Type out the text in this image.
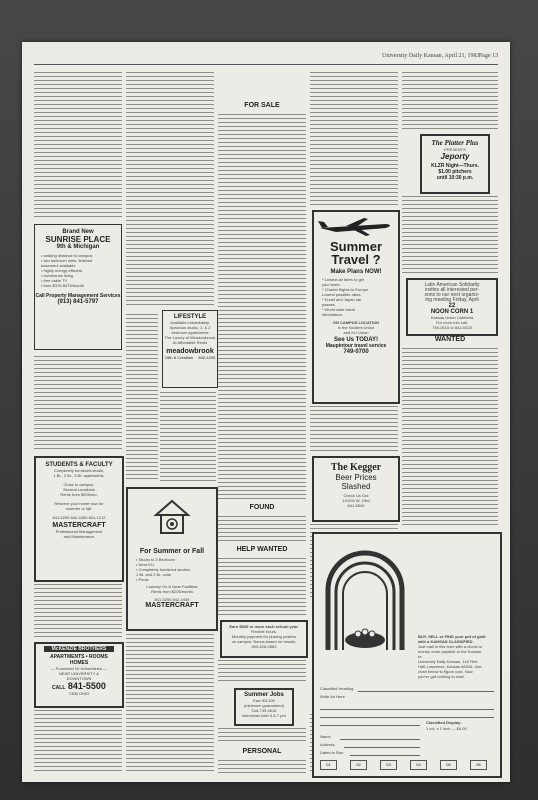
University Daily Kansan, April 21, 1983 Page 13
Brand New
SUNRISE PLACE
9th & Michigan
• walking distance to campus
• two bedroom units, finished
basement available
• highly energy efficient
• townhouse living
• free cable TV
• from $375-$475/month
Call Property Management Services
(913) 841-5797
STUDENTS & FACULTY
Completely furnished studio,
1 Br., 2 Br., 3 Br. apartments.
Close to campus.
Several Locations
Rents from $205/mo.
Reserve your home now for
summer or fall.
841-5255 842-4455 841-1212
MASTERCRAFT
Professional Management
and Maintenance
McKENZIE BROTHERS
APARTMENTS • ROOMS
HOMES
— Furnished Or Unfurnished —
NEAR UNIVERSITY &
DOWNTOWN
CALL 841-5500
1305 OHIO
LIFESTYLE
Available immediately,
Spacious studio, 1, & 2
bedroom apartments
The Luxury of Meadowbrook
At Affordable Rents
meadowbrook
15th & Crestline 842-4200
For Summer or Fall
• Studio to 3 Bedroom
• Near KU
• Completely furnished studios
1 Br. and 2 Br. units
• Pools
Laundry On & Near Facilities
Rents from $205/month
841-5255 842-4455
MASTERCRAFT
FOR SALE
FOUND
HELP WANTED
Earn $500 or more each school year.
Flexible hours.
Monthly payment for placing posters
on campus. Bonus based on results.
800-526-0883
Summer Jobs
Earn $3,300
(minimum guaranteed)
Call 749-4616
interviews held 3 & 7 pm
PERSONAL
Summer
Travel ?
Make Plans NOW!
* Lowest air fares to get
you home.
* Charter flights to Europe.
Lowest possible rates.
* Eurail and Japan rail
passes.
* World wide travel
information.
ON CAMPUS LOCATION
in the Student Union
and KU Union
See Us TODAY!
Maupintour travel service
749-0700
The Kegger
Beer Prices
Slashed
Check Us Out
1910½ W. 23rd
841-5540
The Platter Plus
PRESENTS
Jeporty
KLZR Night—Thurs.
$1.00 pitchers
until 10:30 p.m.
Latin American Solidarity
invites all interested per-
sons to our next organiz-
ing meeting Friday, April
22
NOON CORN 1
Kansas Union Cafeteria
For more info call:
749-2615 or 842-6425
WANTED
BUY, SELL or FIND your pot of gold
with a KANSAN CLASSIFIED.
Just mail in this form with a check or
money order payable to the Kansan
to:
University Daily Kansan, 118 Flint
Hall, Lawrence, Kansas 66045. Use
chart below to figure cost. Now
you've got nothing to lose!
Classified Heading
Write Ad Here
Classified Display:
1 col. x 1 inch — $4.00
Name
Address
Dates to Run
01	02	03	04	05	06
